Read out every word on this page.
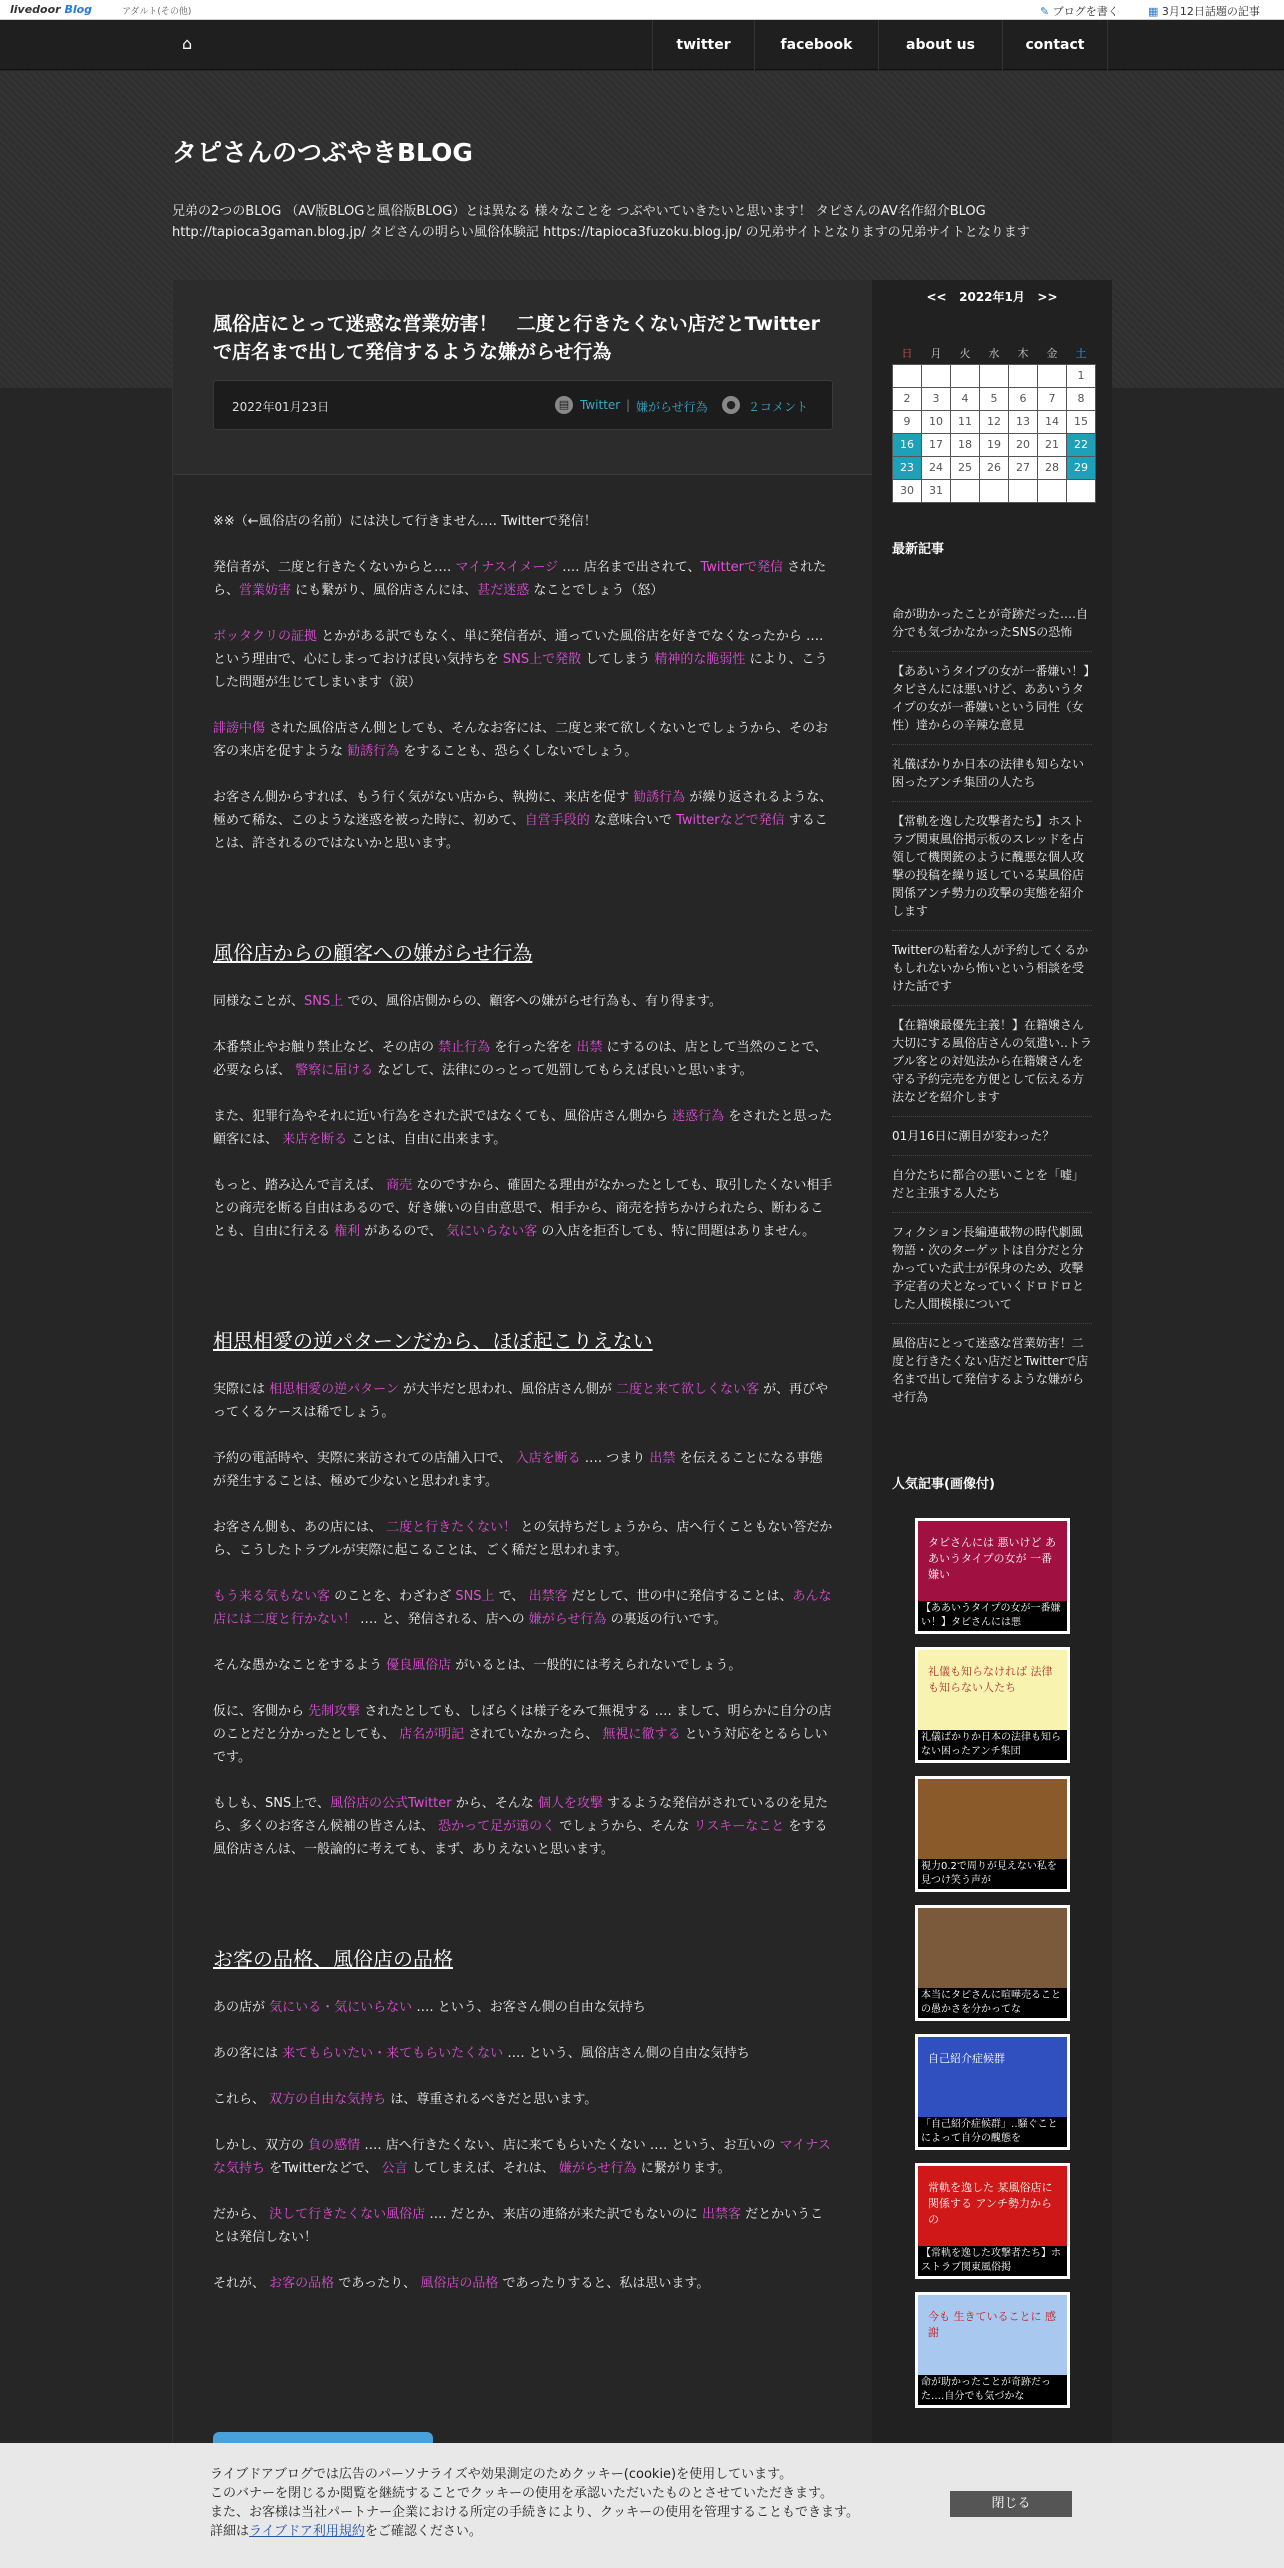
livedoor Blog	アダルト(その他)	✎ ブログを書く	▦ 3月12日話題の記事
⌂	twitter	facebook	about us	contact
タピさんのつぶやきBLOG
兄弟の2つのBLOG （AV版BLOGと風俗版BLOG）とは異なる 様々なことを つぶやいていきたいと思います！ タピさんのAV名作紹介BLOG http://tapioca3gaman.blog.jp/ タピさんの明らい風俗体験記 https://tapioca3fuzoku.blog.jp/ の兄弟サイトとなりますの兄弟サイトとなります
風俗店にとって迷惑な営業妨害！　二度と行きたくない店だとTwitterで店名まで出して発信するような嫌がらせ行為
2022年01月23日	▤ Twitter | 嫌がらせ行為	●	２コメント

※※（←風俗店の名前）には決して行きません‥‥ Twitterで発信！

発信者が、二度と行きたくないからと‥‥ マイナスイメージ ‥‥ 店名まで出されて、Twitterで発信 されたら、営業妨害 にも繋がり、風俗店さんには、甚だ迷惑 なことでしょう（怒）

ボッタクリの証拠 とかがある訳でもなく、単に発信者が、通っていた風俗店を好きでなくなったから ‥‥ という理由で、心にしまっておけば良い気持ちを SNS上で発散 してしまう 精神的な脆弱性 により、こうした問題が生じてしまいます（涙）

誹謗中傷 された風俗店さん側としても、そんなお客には、二度と来て欲しくないとでしょうから、そのお客の来店を促すような 勧誘行為 をすることも、恐らくしないでしょう。

お客さん側からすれば、もう行く気がない店から、執拗に、来店を促す 勧誘行為 が繰り返されるような、極めて稀な、このような迷惑を被った時に、初めて、自営手段的 な意味合いで Twitterなどで発信 することは、許されるのではないかと思います。

風俗店からの顧客への嫌がらせ行為

同様なことが、SNS上 での、風俗店側からの、顧客への嫌がらせ行為も、有り得ます。

本番禁止やお触り禁止など、その店の 禁止行為 を行った客を 出禁 にするのは、店として当然のことで、必要ならば、 警察に届ける などして、法律にのっとって処罰してもらえば良いと思います。

また、犯罪行為やそれに近い行為をされた訳ではなくても、風俗店さん側から 迷惑行為 をされたと思った顧客には、 来店を断る ことは、自由に出来ます。

もっと、踏み込んで言えば、 商売 なのですから、確固たる理由がなかったとしても、取引したくない相手との商売を断る自由はあるので、好き嫌いの自由意思で、相手から、商売を持ちかけられたら、断わることも、自由に行える 権利 があるので、 気にいらない客 の入店を拒否しても、特に問題はありません。

相思相愛の逆パターンだから、ほぼ起こりえない

実際には 相思相愛の逆パターン が大半だと思われ、風俗店さん側が 二度と来て欲しくない客 が、再びやってくるケースは稀でしょう。

予約の電話時や、実際に来訪されての店舗入口で、 入店を断る ‥‥ つまり 出禁 を伝えることになる事態が発生することは、極めて少ないと思われます。

お客さん側も、あの店には、 二度と行きたくない！ との気持ちだしょうから、店へ行くこともない答だから、こうしたトラブルが実際に起こることは、ごく稀だと思われます。

もう来る気もない客 のことを、わざわざ SNS上 で、 出禁客 だとして、世の中に発信することは、あんな店には二度と行かない！ ‥‥ と、発信される、店への 嫌がらせ行為 の裏返の行いです。

そんな愚かなことをするよう 優良風俗店 がいるとは、一般的には考えられないでしょう。

仮に、客側から 先制攻撃 されたとしても、しばらくは様子をみて無視する ‥‥ まして、明らかに自分の店のことだと分かったとしても、 店名が明記 されていなかったら、 無視に徹する という対応をとるらしいです。

もしも、SNS上で、風俗店の公式Twitter から、そんな 個人を攻撃 するような発信がされているのを見たら、多くのお客さん候補の皆さんは、 恐かって足が遠のく でしょうから、そんな リスキーなこと をする風俗店さんは、一般論的に考えても、まず、ありえないと思います。

お客の品格、風俗店の品格

あの店が 気にいる・気にいらない ‥‥ という、お客さん側の自由な気持ち

あの客には 来てもらいたい・来てもらいたくない ‥‥ という、風俗店さん側の自由な気持ち

これら、 双方の自由な気持ち は、尊重されるべきだと思います。

しかし、双方の 負の感情 ‥‥ 店へ行きたくない、店に来てもらいたくない ‥‥ という、お互いの マイナスな気持ち をTwitterなどで、 公言 してしまえば、それは、 嫌がらせ行為 に繋がります。

だから、 決して行きたくない風俗店 ‥‥ だとか、来店の連絡が来た訳でもないのに 出禁客 だとかいうことは発信しない！

それが、 お客の品格 であったり、 風俗店の品格 であったりすると、私は思います。

<< 2022年1月 >>
日	月	火	水	木	金	土
						1
2	3	4	5	6	7	8
9	10	11	12	13	14	15
16	17	18	19	20	21	22
23	24	25	26	27	28	29
30	31					
最新記事
命が助かったことが奇跡だった‥‥自分でも気づかなかったSNSの恐怖
【ああいうタイプの女が一番嫌い！】タピさんには悪いけど、ああいうタイプの女が一番嫌いという同性（女性）達からの辛辣な意見
礼儀ばかりか日本の法律も知らない困ったアンチ集団の人たち
【常軌を逸した攻撃者たち】ホストラブ関東風俗掲示板のスレッドを占領して機関銃のように醜悪な個人攻撃の投稿を繰り返している某風俗店関係アンチ勢力の攻撃の実態を紹介します
Twitterの粘着な人が予約してくるかもしれないから怖いという相談を受けた話です
【在籍嬢最優先主義！】在籍嬢さん大切にする風俗店さんの気遣い‥トラブル客との対処法から在籍嬢さんを守る予約完売を方便として伝える方法などを紹介します
01月16日に潮目が変わった？
自分たちに都合の悪いことを「嘘」だと主張する人たち
フィクション長編連載物の時代劇風物語・次のターゲットは自分だと分かっていた武士が保身のため、攻撃予定者の犬となっていくドロドロとした人間模様について
風俗店にとって迷惑な営業妨害！二度と行きたくない店だとTwitterで店名まで出して発信するような嫌がらせ行為
人気記事(画像付)
タピさんには 悪いけど ああいうタイプの女が 一番嫌い
【ああいうタイプの女が一番嫌い！】タピさんには悪
礼儀も知らなければ 法律も知らない人たち
礼儀ばかりか日本の法律も知らない困ったアンチ集団
視力0.2で周りが見えない私を見つけ笑う声が
本当にタピさんに喧嘩売ることの愚かさを分かってな
自己紹介症候群
「自己紹介症候群」‥騒ぐことによって自分の醜態を
常軌を逸した 某風俗店に関係する アンチ勢力からの
【常軌を逸した攻撃者たち】ホストラブ関東風俗掲
今も 生きていることに 感謝
命が助かったことが奇跡だった‥‥自分でも気づかな
ライブドアブログでは広告のパーソナライズや効果測定のためクッキー(cookie)を使用しています。
このバナーを閉じるか閲覧を継続することでクッキーの使用を承認いただいたものとさせていただきます。
また、お客様は当社パートナー企業における所定の手続きにより、クッキーの使用を管理することもできます。
詳細はライブドア利用規約をご確認ください。
閉じる
